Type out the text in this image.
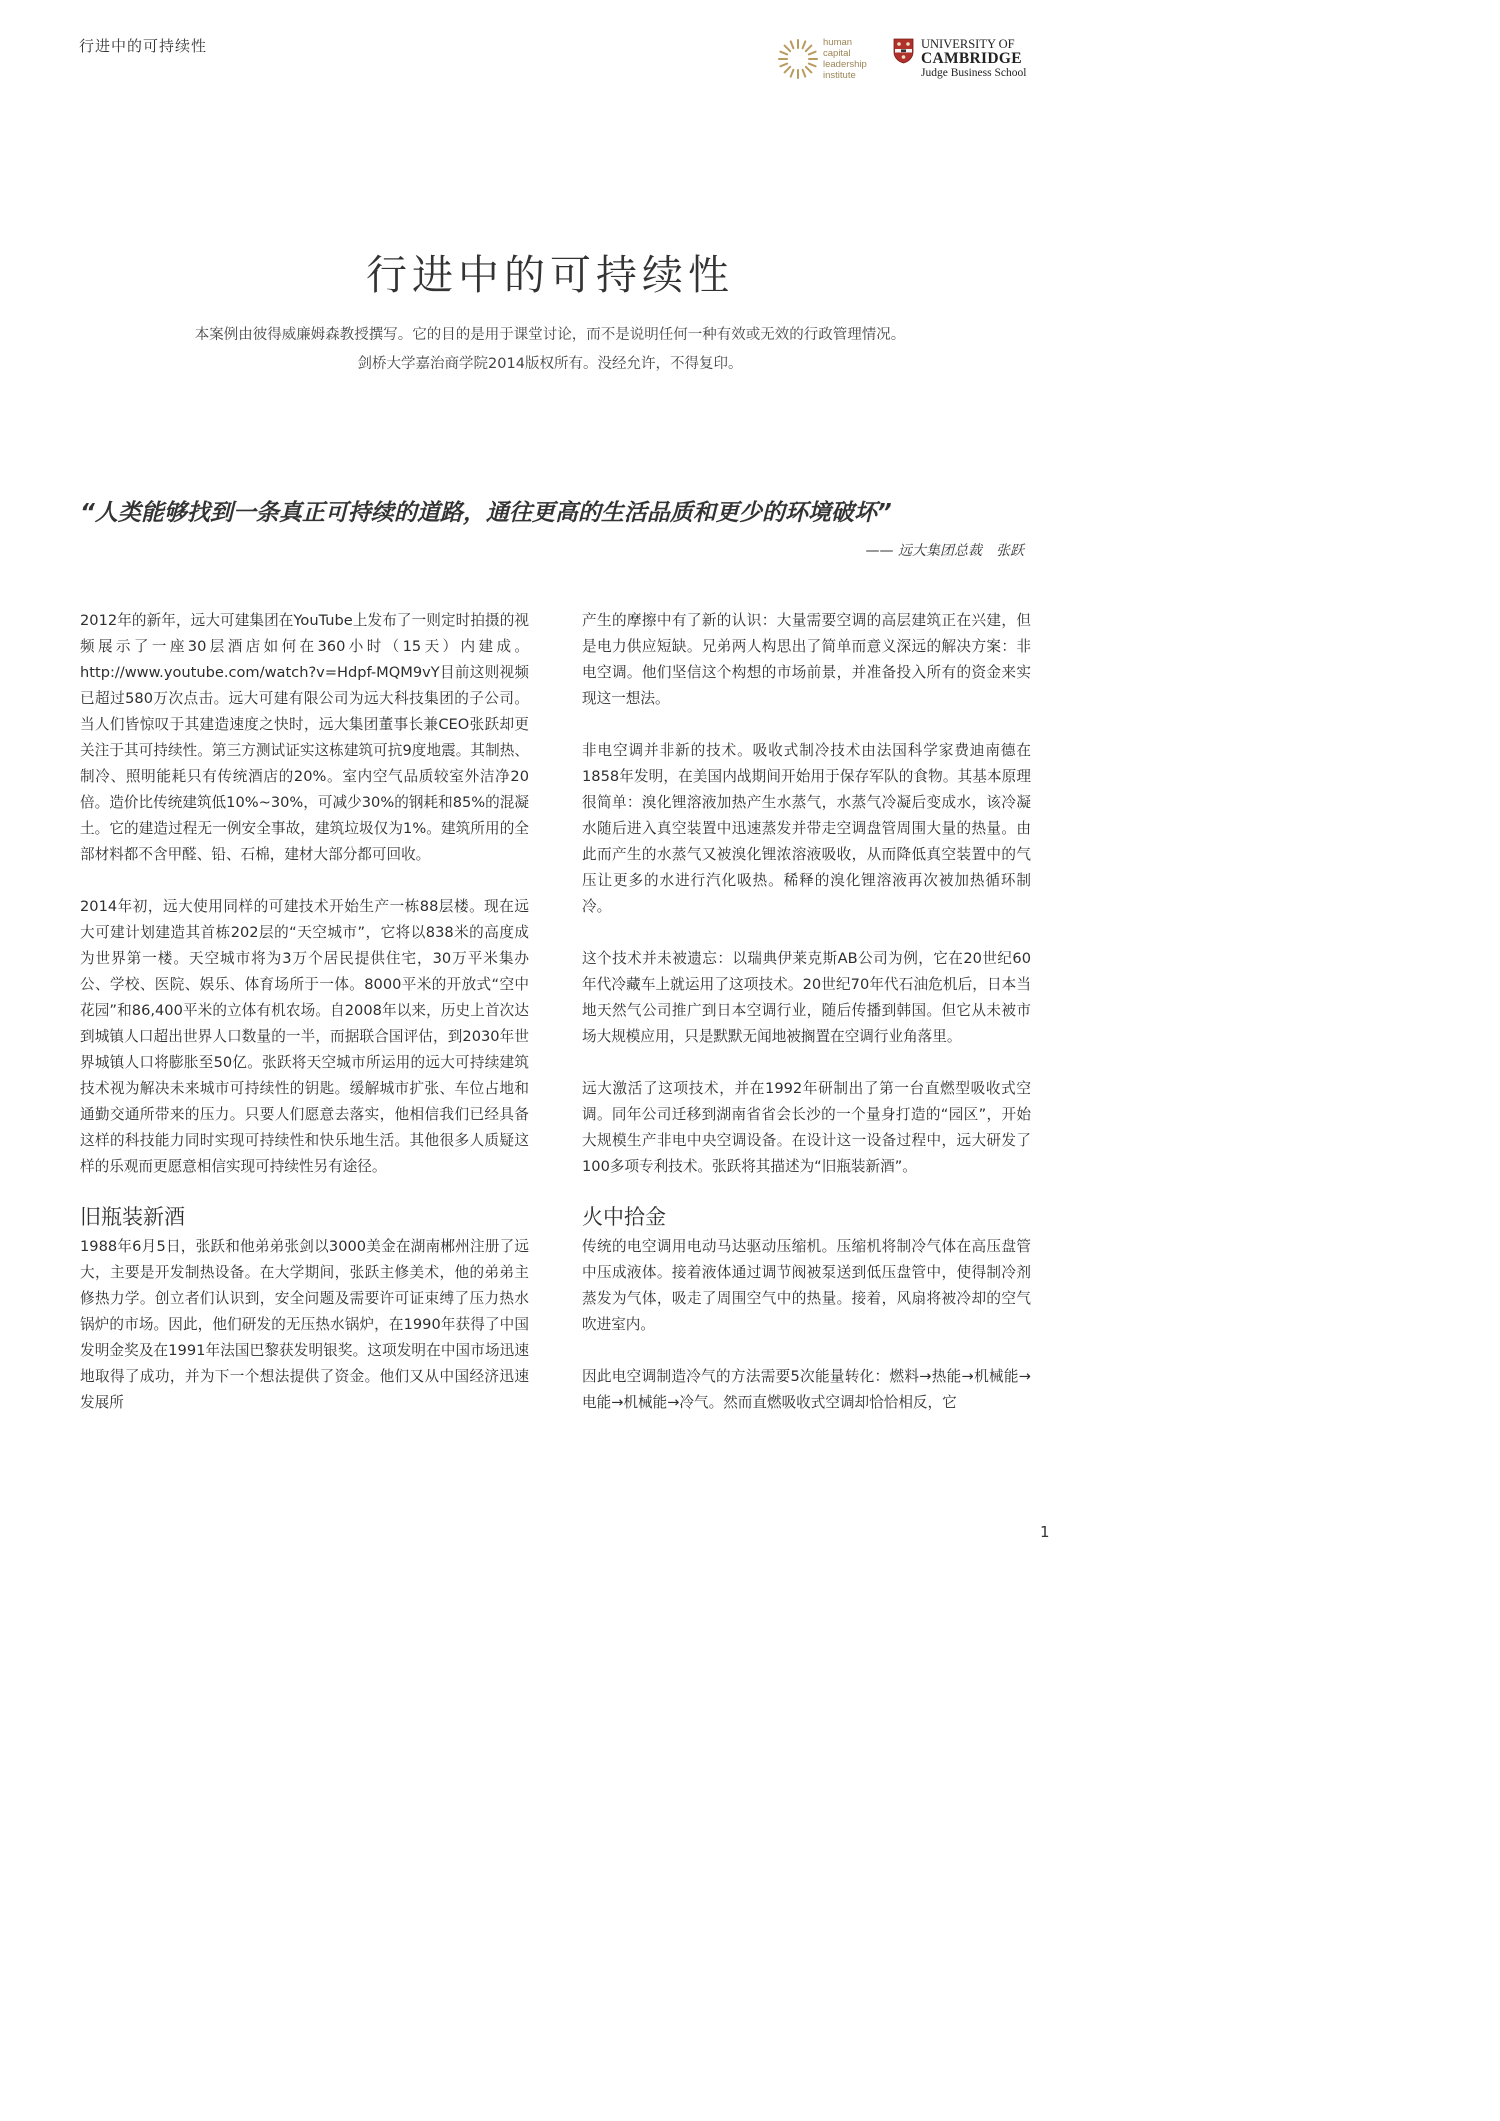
行进中的可持续性	human
capital
leadership
institute
UNIVERSITY OF
CAMBRIDGE
Judge Business School
行进中的可持续性

本案例由彼得威廉姆森教授撰写。它的目的是用于课堂讨论，而不是说明任何一种有效或无效的行政管理情况。

剑桥大学嘉治商学院2014版权所有。没经允许，不得复印。

“人类能够找到一条真正可持续的道路，通往更高的生活品质和更少的环境破坏”

—— 远大集团总裁 张跃

2012年的新年，远大可建集团在YouTube上发布了一则定时拍摄的视频展示了一座30层酒店如何在360小时（15天）内建成。http://www.youtube.com/watch?v=Hdpf-MQM9vY目前这则视频已超过580万次点击。远大可建有限公司为远大科技集团的子公司。当人们皆惊叹于其建造速度之快时，远大集团董事长兼CEO张跃却更关注于其可持续性。第三方测试证实这栋建筑可抗9度地震。其制热、制冷、照明能耗只有传统酒店的20%。室内空气品质较室外洁净20倍。造价比传统建筑低10%~30%，可减少30%的钢耗和85%的混凝土。它的建造过程无一例安全事故，建筑垃圾仅为1%。建筑所用的全部材料都不含甲醛、铅、石棉，建材大部分都可回收。

2014年初，远大使用同样的可建技术开始生产一栋88层楼。现在远大可建计划建造其首栋202层的“天空城市”，它将以838米的高度成为世界第一楼。天空城市将为3万个居民提供住宅，30万平米集办公、学校、医院、娱乐、体育场所于一体。8000平米的开放式“空中花园”和86,400平米的立体有机农场。自2008年以来，历史上首次达到城镇人口超出世界人口数量的一半，而据联合国评估，到2030年世界城镇人口将膨胀至50亿。张跃将天空城市所运用的远大可持续建筑技术视为解决未来城市可持续性的钥匙。缓解城市扩张、车位占地和通勤交通所带来的压力。只要人们愿意去落实，他相信我们已经具备这样的科技能力同时实现可持续性和快乐地生活。其他很多人质疑这样的乐观而更愿意相信实现可持续性另有途径。

旧瓶装新酒

1988年6月5日，张跃和他弟弟张剑以3000美金在湖南郴州注册了远大，主要是开发制热设备。在大学期间，张跃主修美术，他的弟弟主修热力学。创立者们认识到，安全问题及需要许可证束缚了压力热水锅炉的市场。因此，他们研发的无压热水锅炉，在1990年获得了中国发明金奖及在1991年法国巴黎获发明银奖。这项发明在中国市场迅速地取得了成功，并为下一个想法提供了资金。他们又从中国经济迅速发展所

产生的摩擦中有了新的认识：大量需要空调的高层建筑正在兴建，但是电力供应短缺。兄弟两人构思出了简单而意义深远的解决方案：非电空调。他们坚信这个构想的市场前景，并准备投入所有的资金来实现这一想法。

非电空调并非新的技术。吸收式制冷技术由法国科学家费迪南德在1858年发明，在美国内战期间开始用于保存军队的食物。其基本原理很简单：溴化锂溶液加热产生水蒸气，水蒸气冷凝后变成水，该冷凝水随后进入真空装置中迅速蒸发并带走空调盘管周围大量的热量。由此而产生的水蒸气又被溴化锂浓溶液吸收，从而降低真空装置中的气压让更多的水进行汽化吸热。稀释的溴化锂溶液再次被加热循环制冷。

这个技术并未被遗忘：以瑞典伊莱克斯AB公司为例，它在20世纪60年代冷藏车上就运用了这项技术。20世纪70年代石油危机后，日本当地天然气公司推广到日本空调行业，随后传播到韩国。但它从未被市场大规模应用，只是默默无闻地被搁置在空调行业角落里。

远大激活了这项技术，并在1992年研制出了第一台直燃型吸收式空调。同年公司迁移到湖南省省会长沙的一个量身打造的“园区”，开始大规模生产非电中央空调设备。在设计这一设备过程中，远大研发了100多项专利技术。张跃将其描述为“旧瓶装新酒”。

火中拾金

传统的电空调用电动马达驱动压缩机。压缩机将制冷气体在高压盘管中压成液体。接着液体通过调节阀被泵送到低压盘管中，使得制冷剂蒸发为气体，吸走了周围空气中的热量。接着，风扇将被冷却的空气吹进室内。

因此电空调制造冷气的方法需要5次能量转化：燃料→热能→机械能→电能→机械能→冷气。然而直燃吸收式空调却恰恰相反，它

1
